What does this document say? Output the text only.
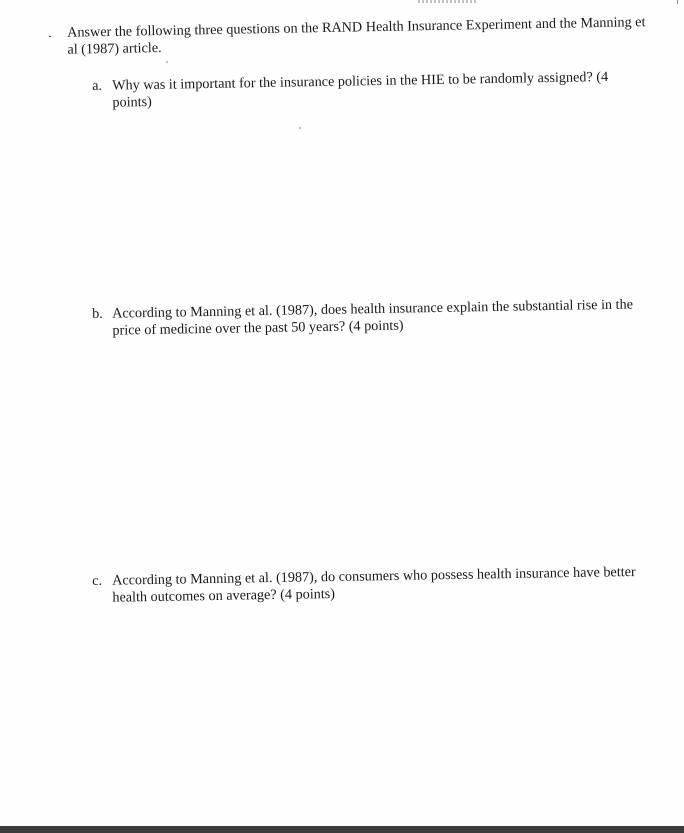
.	Answer the following three questions on the RAND Health Insurance Experiment and the Manning et al (1987) article.
a. Why was it important for the insurance policies in the HIE to be randomly assigned? (4 points)
b. According to Manning et al. (1987), does health insurance explain the substantial rise in the price of medicine over the past 50 years? (4 points)
c. According to Manning et al. (1987), do consumers who possess health insurance have better health outcomes on average? (4 points)
